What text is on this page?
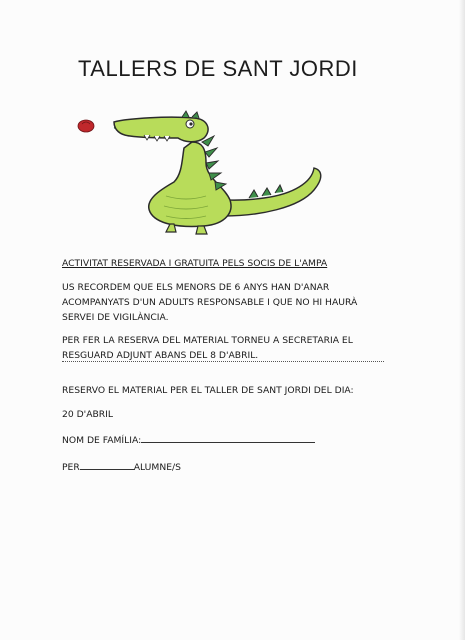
TALLERS DE SANT JORDI
ACTIVITAT RESERVADA I GRATUITA PELS SOCIS DE L'AMPA
US RECORDEM QUE ELS MENORS DE 6 ANYS HAN D'ANAR
ACOMPANYATS D'UN ADULTS RESPONSABLE I QUE NO HI HAURÀ
SERVEI DE VIGILÀNCIA.
PER FER LA RESERVA DEL MATERIAL TORNEU A SECRETARIA EL
RESGUARD ADJUNT ABANS DEL 8 D'ABRIL.
RESERVO EL MATERIAL PER EL TALLER DE SANT JORDI DEL DIA:
20 D'ABRIL
NOM DE FAMÍLIA:
PER	ALUMNE/S
